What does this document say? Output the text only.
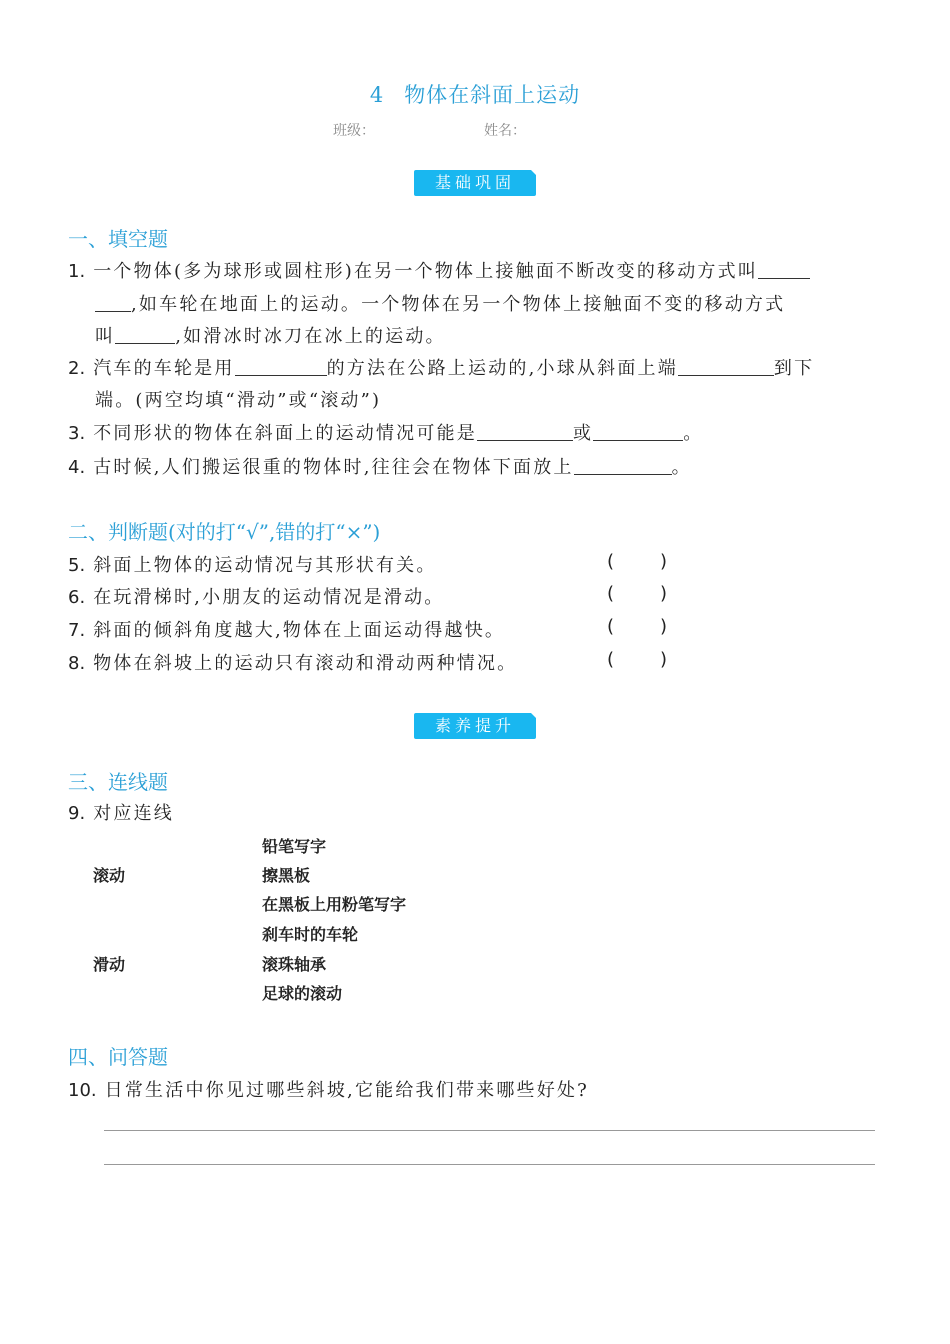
4 物体在斜面上运动
班级：	姓名：
基础巩固
一、填空题
1. 一个物体(多为球形或圆柱形)在另一个物体上接触面不断改变的移动方式叫
,如车轮在地面上的运动。一个物体在另一个物体上接触面不变的移动方式
叫	,如滑冰时冰刀在冰上的运动。
2. 汽车的车轮是用	的方法在公路上运动的,小球从斜面上端	到下
端。(两空均填“滑动”或“滚动”)
3. 不同形状的物体在斜面上的运动情况可能是	或	。
4. 古时候,人们搬运很重的物体时,往往会在物体下面放上	。
二、判断题(对的打“√”,错的打“×”)
5. 斜面上物体的运动情况与其形状有关。	(	)
6. 在玩滑梯时,小朋友的运动情况是滑动。	(	)
7. 斜面的倾斜角度越大,物体在上面运动得越快。	(	)
8. 物体在斜坡上的运动只有滚动和滑动两种情况。	(	)
素养提升
三、连线题
9. 对应连线
滚动
滑动
铅笔写字
擦黑板
在黑板上用粉笔写字
刹车时的车轮
滚珠轴承
足球的滚动
四、问答题
10. 日常生活中你见过哪些斜坡,它能给我们带来哪些好处?
